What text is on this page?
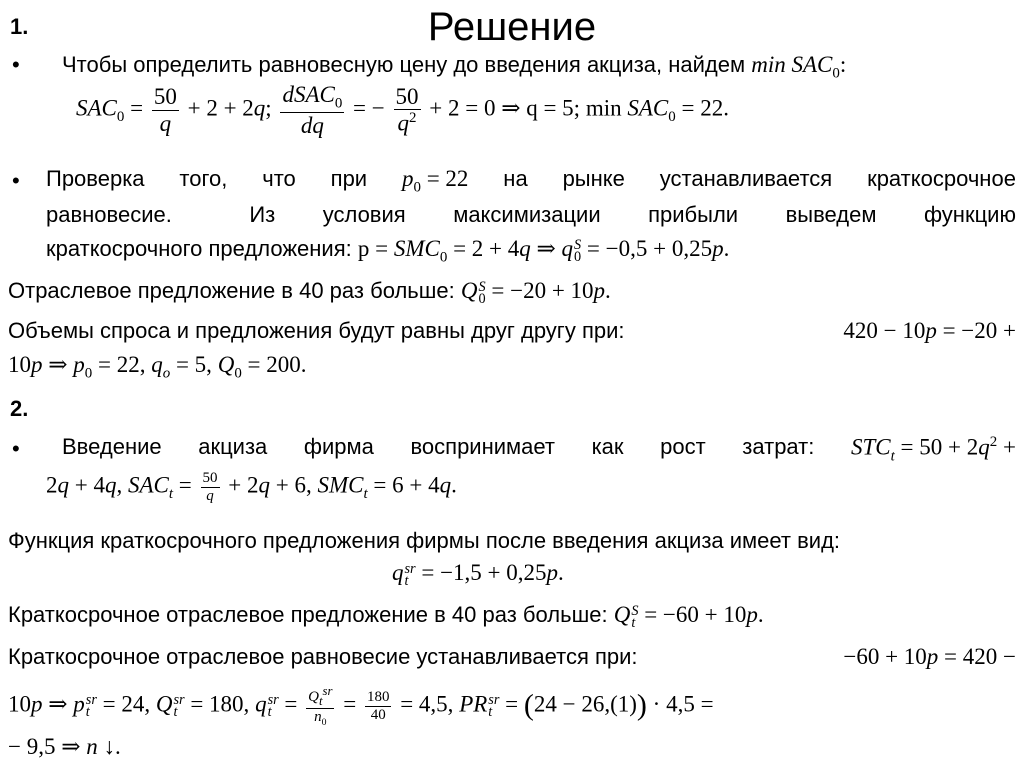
1.	Решение
• Чтобы определить равновесную цену до введения акциза, найдем $\min SAC_0$:
$SAC_0 = \frac{50}{q} + 2 + 2q$; $\frac{dSAC_0}{dq}$ = − $\frac{50}{q^2} + 2 = 0$ ⇒ q = 5; $\min SAC_0 = 22$.
• Проверка того, что при $p_0 = 22$ на рынке устанавливается краткосрочное
равновесие.	Из условия максимизации прибыли выведем функцию
краткосрочного предложения: $p = SMC_0 = 2 + 4q$ ⇒ q S
0 = −0,5 + 0,25p.
Отраслевое предложение в 40 раз больше: Q S
0 = −20 + 10p.
Объемы спроса и предложения будут равны друг другу при:	420 − 10p = −20 +
10p ⇒ $p_0 = 22$, $q_o = 5$, $Q_0 = 200$.
2.
• Введение акциза фирма воспринимает как рост затрат: $STC_t = 50 + 2q^2$ +
2q + 4q, $SAC_t = \frac{50}{q} + 2q + 6$, $SMC_t = 6 + 4q$.
Функция краткосрочного предложения фирмы после введения акциза имеет вид:
q sr
t = −1,5 + 0,25p.
Краткосрочное отраслевое предложение в 40 раз больше: Q S
t = −60 + 10p.
Краткосрочное отраслевое равновесие устанавливается при:	−60 + 10p = 420 −
10p ⇒ p sr
t = 24, Q sr
t = 180, q sr
$t = \frac{Q_t^{sr}}{n_0} = \frac{180}{40} = 4,5$, PR sr
t = (24 − 26,(1)) · 4,5 =
− 9,5 ⇒ n ↓.
